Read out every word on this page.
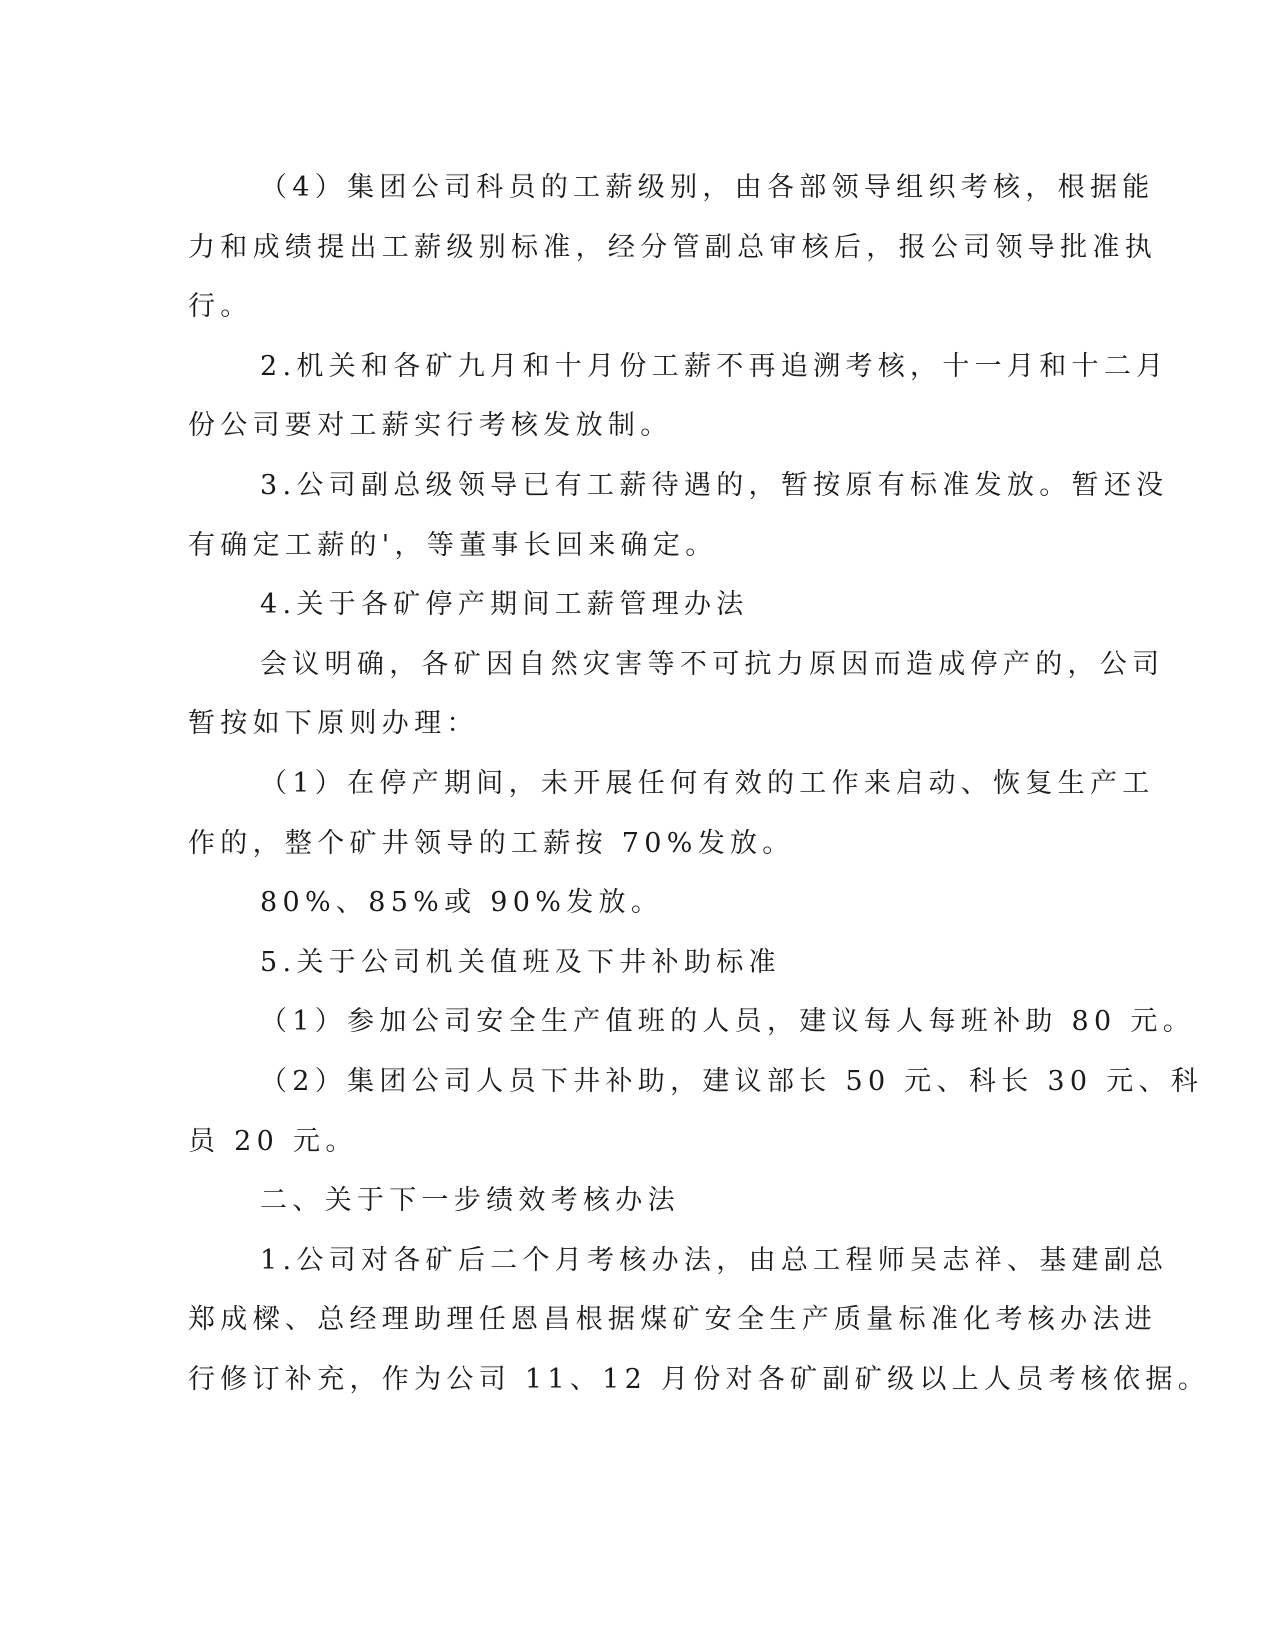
（4）集团公司科员的工薪级别，由各部领导组织考核，根据能

力和成绩提出工薪级别标准，经分管副总审核后，报公司领导批准执

行。

2.机关和各矿九月和十月份工薪不再追溯考核，十一月和十二月

份公司要对工薪实行考核发放制。

3.公司副总级领导已有工薪待遇的，暂按原有标准发放。暂还没

有确定工薪的'，等董事长回来确定。

4.关于各矿停产期间工薪管理办法

会议明确，各矿因自然灾害等不可抗力原因而造成停产的，公司

暂按如下原则办理：

（1）在停产期间，未开展任何有效的工作来启动、恢复生产工

作的，整个矿井领导的工薪按 70%发放。

80%、85%或 90%发放。

5.关于公司机关值班及下井补助标准

（1）参加公司安全生产值班的人员，建议每人每班补助 80 元。

（2）集团公司人员下井补助，建议部长 50 元、科长 30 元、科

员 20 元。

二、关于下一步绩效考核办法

1.公司对各矿后二个月考核办法，由总工程师吴志祥、基建副总

郑成樑、总经理助理任恩昌根据煤矿安全生产质量标准化考核办法进

行修订补充，作为公司 11、12 月份对各矿副矿级以上人员考核依据。
